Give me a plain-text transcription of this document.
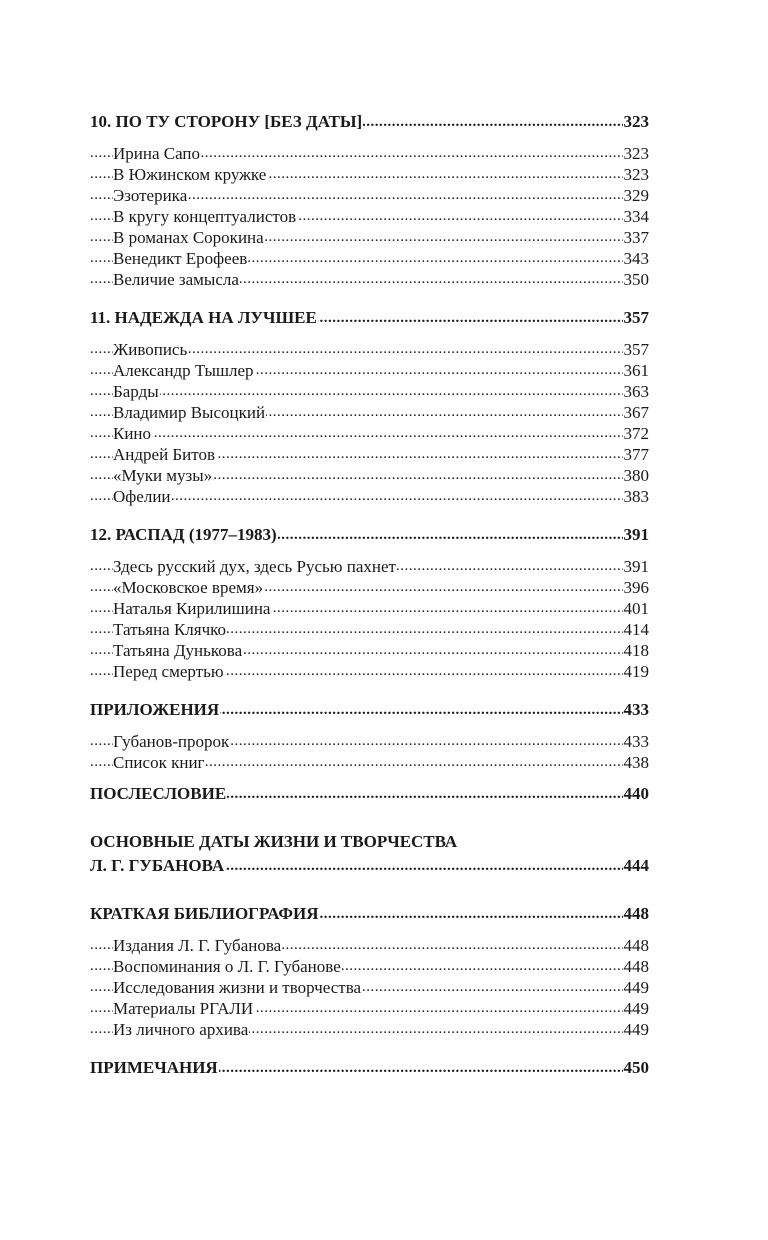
..... 10. ПО ТУ СТОРОНУ [БЕЗ ДАТЫ]	323
..... Ирина Сапо	323
..... В Южинском кружке	323
..... Эзотерика	329
..... В кругу концептуалистов	334
..... В романах Сорокина	337
..... Венедикт Ерофеев	343
..... Величие замысла	350
..... 11. НАДЕЖДА НА ЛУЧШЕЕ	357
..... Живопись	357
..... Александр Тышлер	361
..... Барды	363
..... Владимир Высоцкий	367
..... Кино	372
..... Андрей Битов	377
..... «Муки музы»	380
..... Офелии	383
..... 12. РАСПАД (1977–1983)	391
..... Здесь русский дух, здесь Русью пахнет	391
..... «Московское время»	396
..... Наталья Кирилишина	401
..... Татьяна Клячко	414
..... Татьяна Дунькова	418
..... Перед смертью	419
..... ПРИЛОЖЕНИЯ	433
..... Губанов-пророк	433
..... Список книг	438
..... ПОСЛЕСЛОВИЕ	440
ОСНОВНЫЕ ДАТЫ ЖИЗНИ И ТВОРЧЕСТВА
..... Л. Г. ГУБАНОВА	444
..... КРАТКАЯ БИБЛИОГРАФИЯ	448
..... Издания Л. Г. Губанова	448
..... Воспоминания о Л. Г. Губанове	448
..... Исследования жизни и творчества	449
..... Материалы РГАЛИ	449
..... Из личного архива	449
..... ПРИМЕЧАНИЯ	450
